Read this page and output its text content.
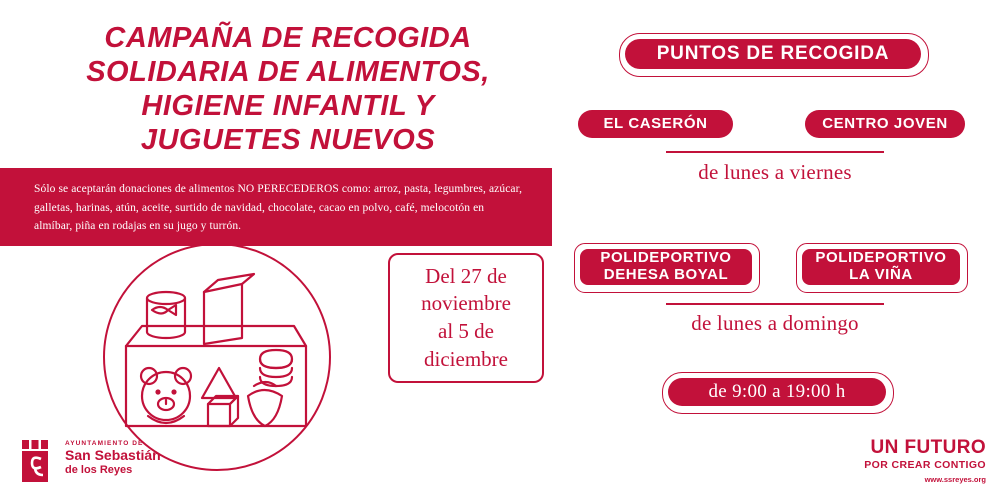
CAMPAÑA DE RECOGIDA
SOLIDARIA DE ALIMENTOS,
HIGIENE INFANTIL Y
JUGUETES NUEVOS

Sólo se aceptarán donaciones de alimentos NO PERECEDEROS como: arroz, pasta, legumbres, azúcar, galletas, harinas, atún, aceite, surtido de navidad, chocolate, cacao en polvo, café, melocotón en almíbar, piña en rodajas en su jugo y turrón.

Del 27 de
noviembre
al 5 de
diciembre
PUNTOS DE RECOGIDA
EL CASERÓN	CENTRO JOVEN
de lunes a viernes
POLIDEPORTIVO
DEHESA BOYAL
POLIDEPORTIVO
LA VIÑA
de lunes a domingo
de 9:00 a 19:00 h
AYUNTAMIENTO DE
San Sebastián
de los Reyes
UN FUTURO
POR CREAR CONTIGO
www.ssreyes.org
